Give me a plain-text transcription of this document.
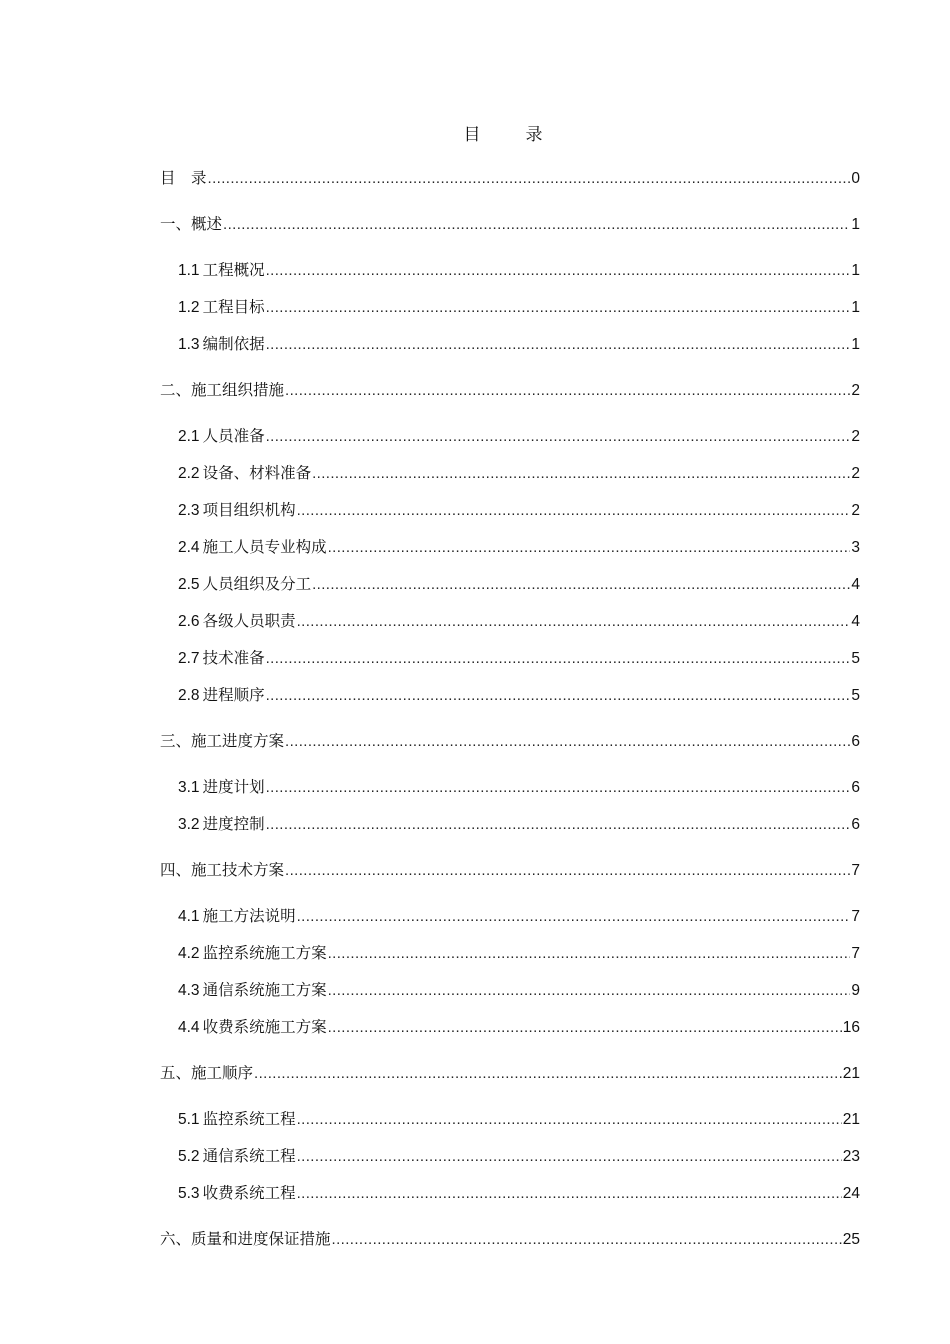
目　录
目　录 .....	0
一、概述 .....	1
1.1 工程概况 .....	1
1.2 工程目标 .....	1
1.3 编制依据 .....	1
二、施工组织措施 .....	2
2.1 人员准备 .....	2
2.2 设备、材料准备 .....	2
2.3 项目组织机构 .....	2
2.4 施工人员专业构成 .....	3
2.5 人员组织及分工 .....	4
2.6 各级人员职责 .....	4
2.7 技术准备 .....	5
2.8 进程顺序 .....	5
三、施工进度方案 .....	6
3.1 进度计划 .....	6
3.2 进度控制 .....	6
四、施工技术方案 .....	7
4.1 施工方法说明 .....	7
4.2 监控系统施工方案 .....	7
4.3 通信系统施工方案 .....	9
4.4 收费系统施工方案 .....	16
五、施工顺序 .....	21
5.1 监控系统工程 .....	21
5.2 通信系统工程 .....	23
5.3 收费系统工程 .....	24
六、质量和进度保证措施 .....	25
